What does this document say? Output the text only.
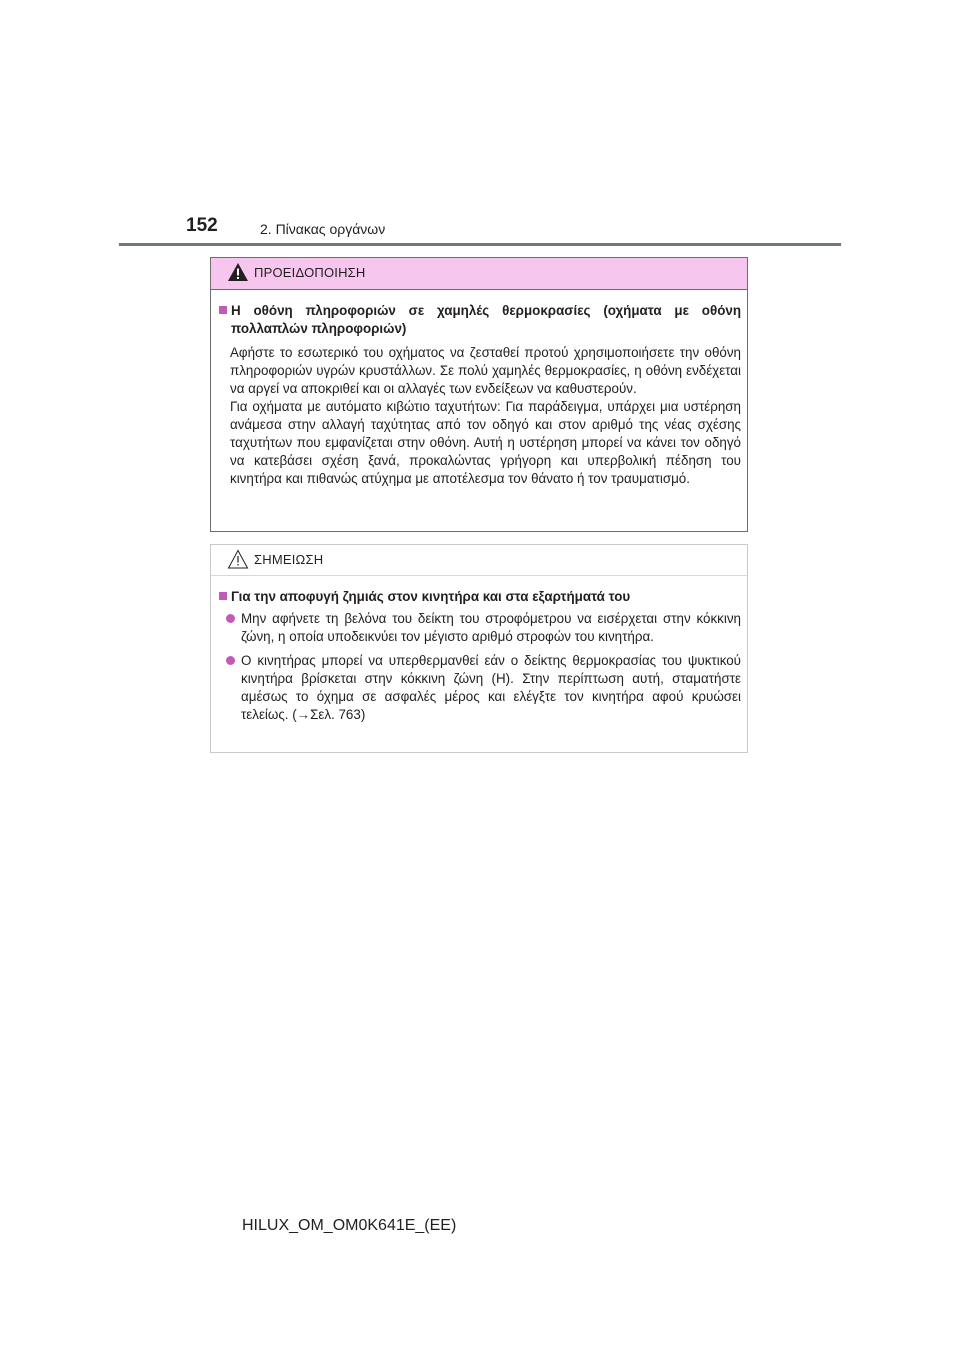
152	2. Πίνακας οργάνων
ΠΡΟΕΙΔΟΠΟΙΗΣΗ
Η οθόνη πληροφοριών σε χαμηλές θερμοκρασίες (οχήματα με οθόνη πολλαπλών πληροφοριών)

Αφήστε το εσωτερικό του οχήματος να ζεσταθεί προτού χρησιμοποιήσετε την οθόνη πληροφοριών υγρών κρυστάλλων. Σε πολύ χαμηλές θερμοκρασίες, η οθόνη ενδέχεται να αργεί να αποκριθεί και οι αλλαγές των ενδείξεων να καθυστερούν.

Για οχήματα με αυτόματο κιβώτιο ταχυτήτων: Για παράδειγμα, υπάρχει μια υστέρηση ανάμεσα στην αλλαγή ταχύτητας από τον οδηγό και στον αριθμό της νέας σχέσης ταχυτήτων που εμφανίζεται στην οθόνη. Αυτή η υστέρηση μπορεί να κάνει τον οδηγό να κατεβάσει σχέση ξανά, προκαλώντας γρήγορη και υπερβολική πέδηση του κινητήρα και πιθανώς ατύχημα με αποτέλεσμα τον θάνατο ή τον τραυματισμό.

ΣΗΜΕΙΩΣΗ
Για την αποφυγή ζημιάς στον κινητήρα και στα εξαρτήματά του
Μην αφήνετε τη βελόνα του δείκτη του στροφόμετρου να εισέρχεται στην κόκκινη ζώνη, η οποία υποδεικνύει τον μέγιστο αριθμό στροφών του κινητήρα.
Ο κινητήρας μπορεί να υπερθερμανθεί εάν ο δείκτης θερμοκρασίας του ψυκτικού κινητήρα βρίσκεται στην κόκκινη ζώνη (H). Στην περίπτωση αυτή, σταματήστε αμέσως το όχημα σε ασφαλές μέρος και ελέγξτε τον κινητήρα αφού κρυώσει τελείως. (→Σελ. 763)
HILUX_OM_OM0K641E_(EE)
